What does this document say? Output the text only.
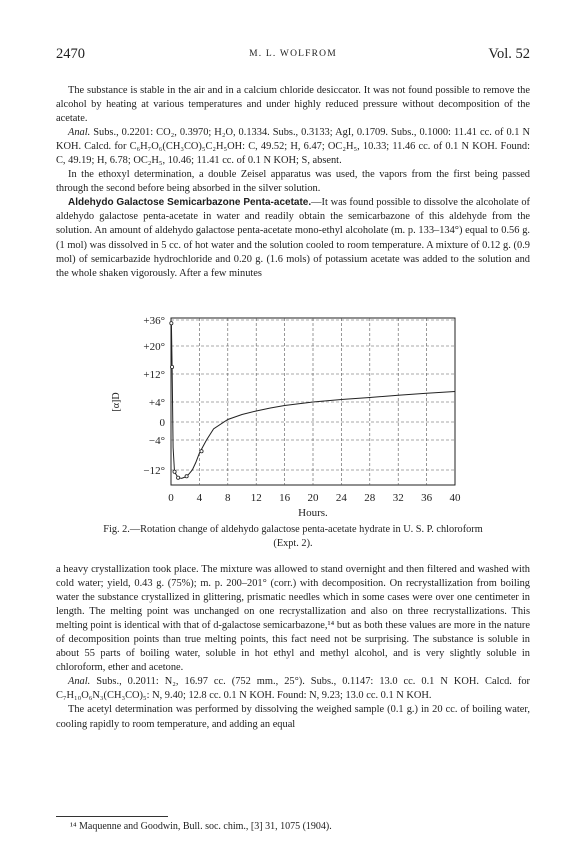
2470	M. L. WOLFROM	Vol. 52

The substance is stable in the air and in a calcium chloride desiccator. It was not found possible to remove the alcohol by heating at various temperatures and under highly reduced pressure without decomposition of the acetate.

Anal. Subs., 0.2201: CO₂, 0.3970; H₂O, 0.1334. Subs., 0.3133; AgI, 0.1709. Subs., 0.1000: 11.41 cc. of 0.1 N KOH. Calcd. for C₆H₇O₆(CH₃CO)₅C₂H₅OH: C, 49.52; H, 6.47; OC₂H₅, 10.33; 11.46 cc. of 0.1 N KOH. Found: C, 49.19; H, 6.78; OC₂H₅, 10.46; 11.41 cc. of 0.1 N KOH; S, absent.

In the ethoxyl determination, a double Zeisel apparatus was used, the vapors from the first being passed through the second before being absorbed in the silver solution.

Aldehydo Galactose Semicarbazone Penta-acetate.—It was found possible to dissolve the alcoholate of aldehydo galactose penta-acetate in water and readily obtain the semicarbazone of this aldehyde from the solution. An amount of aldehydo galactose penta-acetate mono-ethyl alcoholate (m. p. 133–134°) equal to 0.56 g. (1 mol) was dissolved in 5 cc. of hot water and the solution cooled to room temperature. A mixture of 0.12 g. (0.9 mol) of semicarbazide hydrochloride and 0.20 g. (1.6 mols) of potassium acetate was added to the solution and the whole shaken vigorously. After a few minutes

0 4 8 12 16 20 24 28 32 36 40
+36°
+20°
+12°
+4°
0
−4°
−12°
[α]D
Hours.
Fig. 2.—Rotation change of aldehydo galactose penta-acetate hydrate in U. S. P. chloroform (Expt. 2).

a heavy crystallization took place. The mixture was allowed to stand overnight and then filtered and washed with cold water; yield, 0.43 g. (75%); m. p. 200–201° (corr.) with decomposition. On recrystallization from boiling water the substance crystallized in glittering, prismatic needles which in some cases were over one centimeter in length. The melting point was unchanged on one recrystallization and also on three recrystallizations. This melting point is identical with that of d-galactose semicarbazone,¹⁴ but as both these values are more in the nature of decomposition points than true melting points, this fact need not be surprising. The substance is soluble in about 55 parts of boiling water, soluble in hot ethyl and methyl alcohol, and is very slightly soluble in chloroform, ether and acetone.

Anal. Subs., 0.2011: N₂, 16.97 cc. (752 mm., 25°). Subs., 0.1147: 13.0 cc. 0.1 N KOH. Calcd. for C₇H₁₀O₆N₃(CH₃CO)₅: N, 9.40; 12.8 cc. 0.1 N KOH. Found: N, 9.23; 13.0 cc. 0.1 N KOH.

The acetyl determination was performed by dissolving the weighed sample (0.1 g.) in 20 cc. of boiling water, cooling rapidly to room temperature, and adding an equal

¹⁴ Maquenne and Goodwin, Bull. soc. chim., [3] 31, 1075 (1904).
